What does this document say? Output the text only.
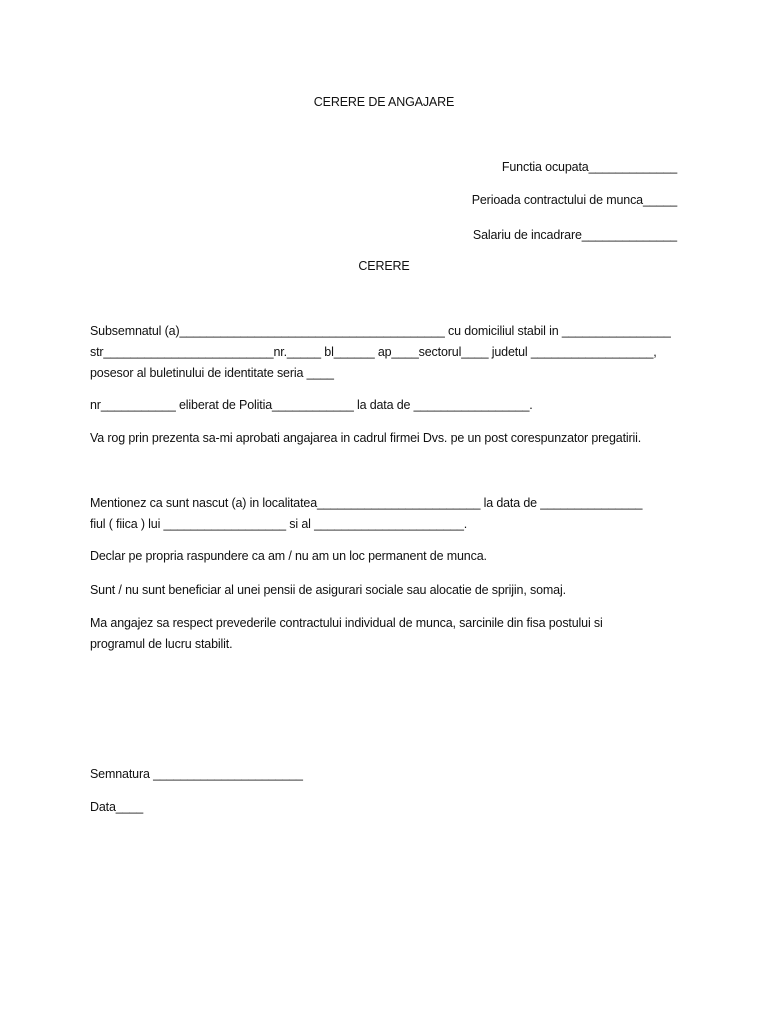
CERERE DE ANGAJARE
Functia ocupata_____________
Perioada contractului de munca_____
Salariu de incadrare______________
CERERE
Subsemnatul (a)_______________________________________ cu domiciliul stabil in ________________
str_________________________nr._____ bl______ ap____sectorul____ judetul __________________,
posesor al buletinului de identitate seria ____
nr___________ eliberat de Politia____________ la data de _________________.
Va rog prin prezenta sa-mi aprobati angajarea in cadrul firmei Dvs. pe un post corespunzator pregatirii.
Mentionez ca sunt nascut (a) in localitatea________________________ la data de _______________
fiul ( fiica ) lui __________________ si al ______________________.
Declar pe propria raspundere ca am / nu am un loc permanent de munca.
Sunt / nu sunt beneficiar al unei pensii de asigurari sociale sau alocatie de sprijin, somaj.
Ma angajez sa respect prevederile contractului individual de munca, sarcinile din fisa postului si
programul de lucru stabilit.
Semnatura ______________________
Data____
